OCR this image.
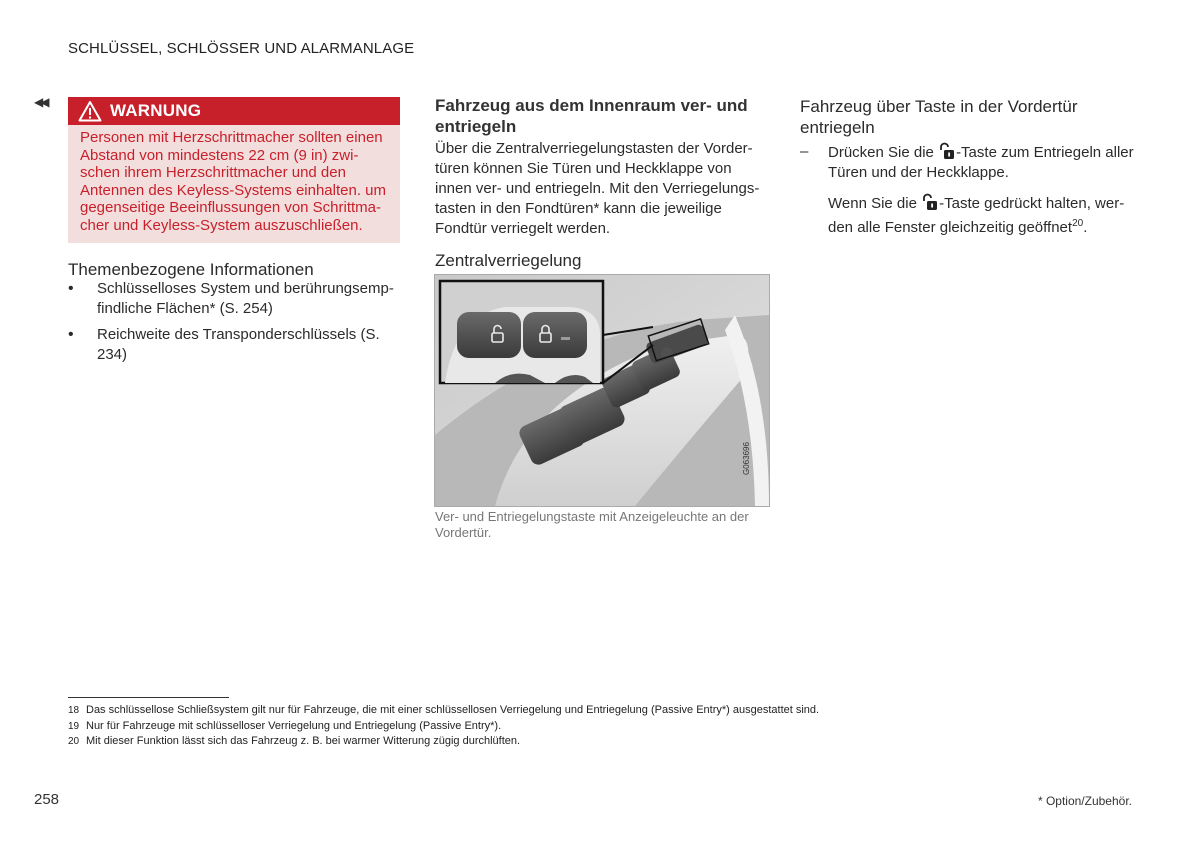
SCHLÜSSEL, SCHLÖSSER UND ALARMANLAGE
◀◀	WARNUNG
Personen mit Herzschrittmacher sollten einen Abstand von mindestens 22 cm (9 in) zwi- schen ihrem Herzschrittmacher und den Antennen des Keyless-Systems einhalten. um gegenseitige Beeinflussungen von Schrittma- cher und Keyless-System auszuschließen.
Themenbezogene Informationen
• Schlüsselloses System und berührungsemp- findliche Flächen* (S. 254)
• Reichweite des Transponderschlüssels (S. 234)
Fahrzeug aus dem Innenraum ver- und entriegeln
Über die Zentralverriegelungstasten der Vorder- türen können Sie Türen und Heckklappe von innen ver- und entriegeln. Mit den Verriegelungs- tasten in den Fondtüren* kann die jeweilige Fondtür verriegelt werden.
Zentralverriegelung
G063696
Ver- und Entriegelungstaste mit Anzeigeleuchte an der Vordertür.
Fahrzeug über Taste in der Vordertür entriegeln
– Drücken Sie die -Taste zum Entriegeln aller Türen und der Heckklappe.
Wenn Sie die -Taste gedrückt halten, wer- den alle Fenster gleichzeitig geöffnet$^{20}$.
18 Das schlüssellose Schließsystem gilt nur für Fahrzeuge, die mit einer schlüssellosen Verriegelung und Entriegelung (Passive Entry*) ausgestattet sind.
19 Nur für Fahrzeuge mit schlüsselloser Verriegelung und Entriegelung (Passive Entry*).
20 Mit dieser Funktion lässt sich das Fahrzeug z. B. bei warmer Witterung zügig durchlüften.
258	* Option/Zubehör.
